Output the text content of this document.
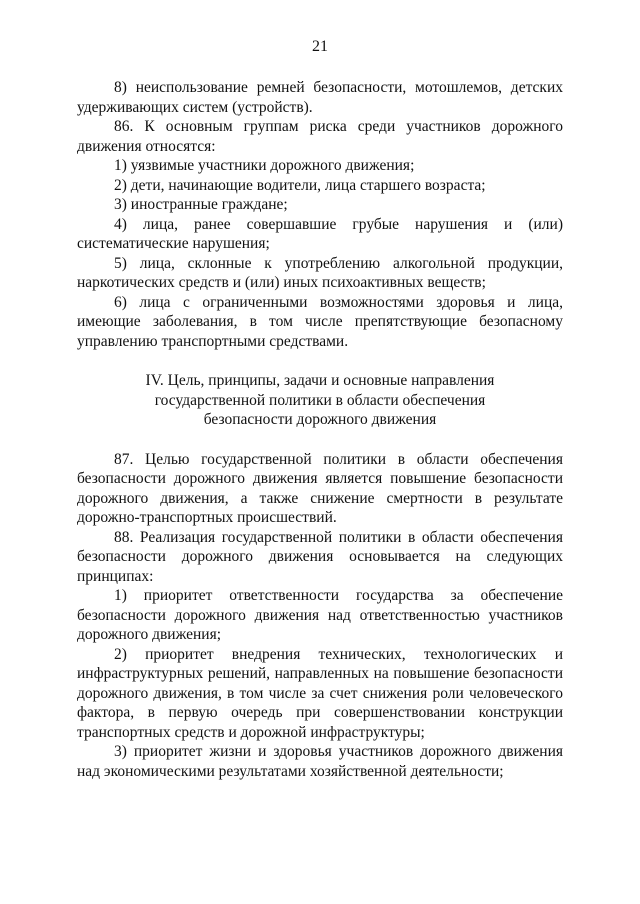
21

8) неиспользование ремней безопасности, мотошлемов, детских удерживающих систем (устройств).

86. К основным группам риска среди участников дорожного движения относятся:

1) уязвимые участники дорожного движения;

2) дети, начинающие водители, лица старшего возраста;

3) иностранные граждане;

4) лица, ранее совершавшие грубые нарушения и (или) систематические нарушения;

5) лица, склонные к употреблению алкогольной продукции, наркотических средств и (или) иных психоактивных веществ;

6) лица с ограниченными возможностями здоровья и лица, имеющие заболевания, в том числе препятствующие безопасному управлению транспортными средствами.

IV. Цель, принципы, задачи и основные направления
государственной политики в области обеспечения
безопасности дорожного движения

87. Целью государственной политики в области обеспечения безопасности дорожного движения является повышение безопасности дорожного движения, а также снижение смертности в результате дорожно-транспортных происшествий.

88. Реализация государственной политики в области обеспечения безопасности дорожного движения основывается на следующих принципах:

1) приоритет ответственности государства за обеспечение безопасности дорожного движения над ответственностью участников дорожного движения;

2) приоритет внедрения технических, технологических и инфраструктурных решений, направленных на повышение безопасности дорожного движения, в том числе за счет снижения роли человеческого фактора, в первую очередь при совершенствовании конструкции транспортных средств и дорожной инфраструктуры;

3) приоритет жизни и здоровья участников дорожного движения над экономическими результатами хозяйственной деятельности;
